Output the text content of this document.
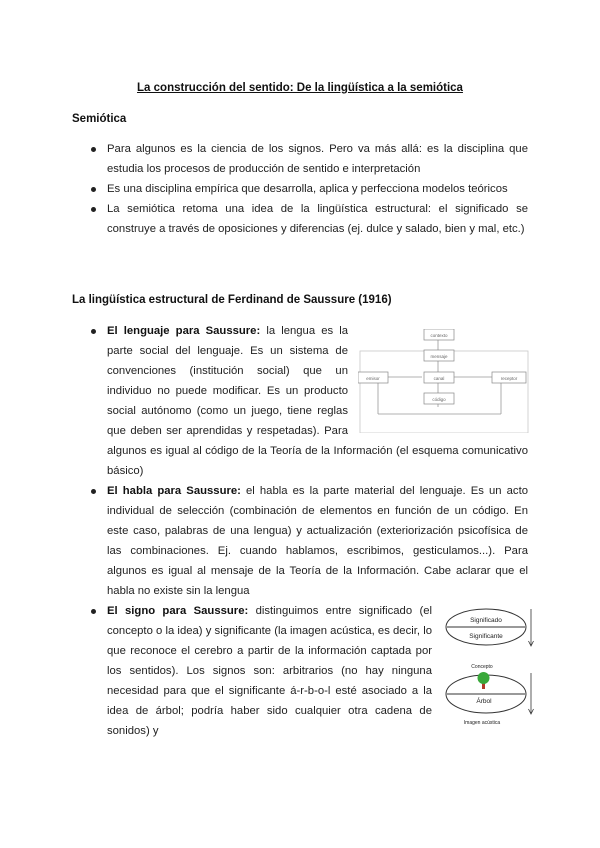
La construcción del sentido: De la lingüística a la semiótica
Semiótica
Para algunos es la ciencia de los signos. Pero va más allá: es la disciplina que estudia los procesos de producción de sentido e interpretación
Es una disciplina empírica que desarrolla, aplica y perfecciona modelos teóricos
La semiótica retoma una idea de la lingüística estructural: el significado se construye a través de oposiciones y diferencias (ej. dulce y salado, bien y mal, etc.)
La lingüística estructural de Ferdinand de Saussure (1916)
contexto
mensaje
emisor	canal
código
receptor
El lenguaje para Saussure: la lengua es la parte social del lenguaje. Es un sistema de convenciones (institución social) que un individuo no puede modificar. Es un producto social autónomo (como un juego, tiene reglas que deben ser aprendidas y respetadas). Para algunos es igual al código de la Teoría de la Información (el esquema comunicativo básico)
El habla para Saussure: el habla es la parte material del lenguaje. Es un acto individual de selección (combinación de elementos en función de un código. En este caso, palabras de una lengua) y actualización (exteriorización psicofísica de las combinaciones. Ej. cuando hablamos, escribimos, gesticulamos...). Para algunos es igual al mensaje de la Teoría de la Información. Cabe aclarar que el habla no existe sin la lengua
Significado
Significante
Concepto
Árbol
Imagen acústica
El signo para Saussure: distinguimos entre significado (el concepto o la idea) y significante (la imagen acústica, es decir, lo que reconoce el cerebro a partir de la información captada por los sentidos). Los signos son: arbitrarios (no hay ninguna necesidad para que el significante á-r-b-o-l esté asociado a la idea de árbol; podría haber sido cualquier otra cadena de sonidos) y
